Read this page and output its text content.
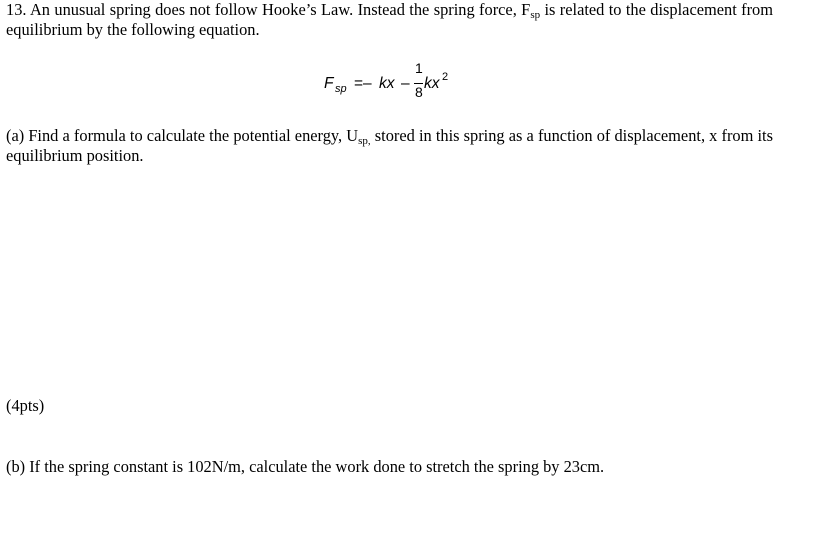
13. An unusual spring does not follow Hooke’s Law. Instead the spring force, $F_{sp}$ is related to the displacement from equilibrium by the following equation.

F sp =– kx –
1
8 kx 2

(a) Find a formula to calculate the potential energy, $U_{sp,}$ stored in this spring as a function of displacement, x from its equilibrium position.

(4pts)

(b) If the spring constant is 102N/m, calculate the work done to stretch the spring by 23cm.
